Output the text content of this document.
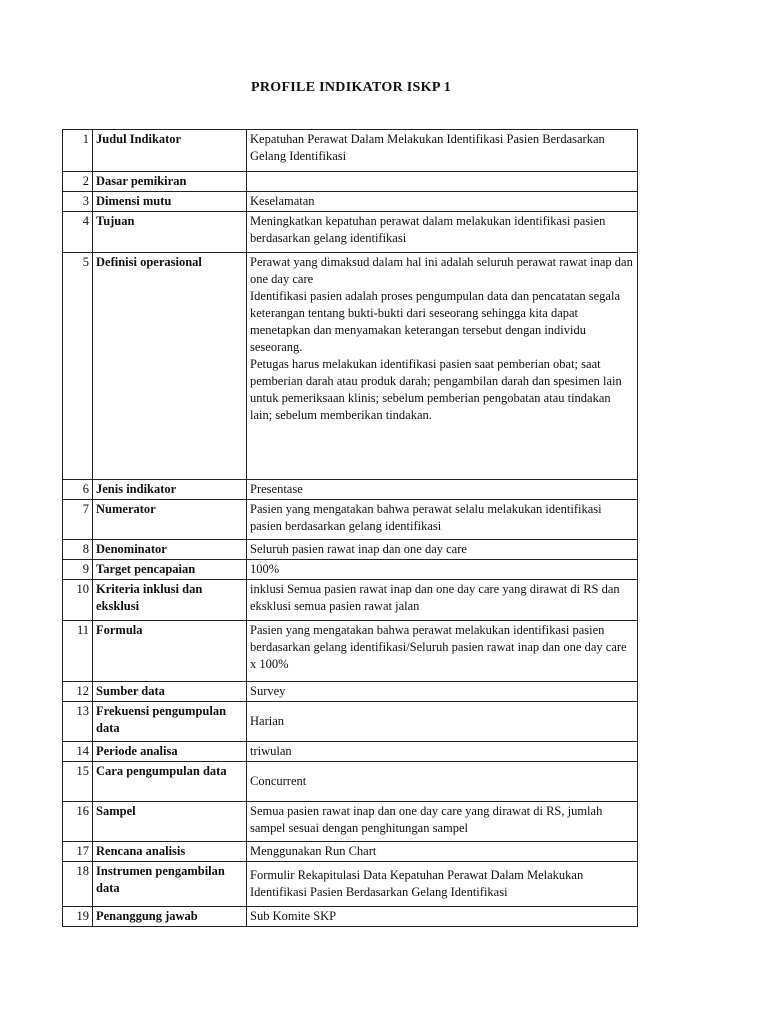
PROFILE INDIKATOR ISKP 1
1	Judul Indikator	Kepatuhan Perawat Dalam Melakukan Identifikasi Pasien Berdasarkan Gelang Identifikasi
2	Dasar pemikiran	
3	Dimensi mutu	Keselamatan
4	Tujuan	Meningkatkan kepatuhan perawat dalam melakukan identifikasi pasien berdasarkan gelang identifikasi
5	Definisi operasional	Perawat yang dimaksud dalam hal ini adalah seluruh perawat rawat inap dan one day care
Identifikasi pasien adalah proses pengumpulan data dan pencatatan segala keterangan tentang bukti-bukti dari seseorang sehingga kita dapat menetapkan dan menyamakan keterangan tersebut dengan individu seseorang.
Petugas harus melakukan identifikasi pasien saat pemberian obat; saat pemberian darah atau produk darah; pengambilan darah dan spesimen lain untuk pemeriksaan klinis; sebelum pemberian pengobatan atau tindakan lain; sebelum memberikan tindakan.
6	Jenis indikator	Presentase
7	Numerator	Pasien yang mengatakan bahwa perawat selalu melakukan identifikasi pasien berdasarkan gelang identifikasi
8	Denominator	Seluruh pasien rawat inap dan one day care
9	Target pencapaian	100%
10	Kriteria inklusi dan eksklusi	inklusi Semua pasien rawat inap dan one day care yang dirawat di RS dan eksklusi semua pasien rawat jalan
11	Formula	Pasien yang mengatakan bahwa perawat melakukan identifikasi pasien berdasarkan gelang identifikasi/Seluruh pasien rawat inap dan one day care x 100%
12	Sumber data	Survey
13	Frekuensi pengumpulan data	Harian
14	Periode analisa	triwulan
15	Cara pengumpulan data	Concurrent
16	Sampel	Semua pasien rawat inap dan one day care yang dirawat di RS, jumlah sampel sesuai dengan penghitungan sampel
17	Rencana analisis	Menggunakan Run Chart
18	Instrumen pengambilan data	Formulir Rekapitulasi Data Kepatuhan Perawat Dalam Melakukan Identifikasi Pasien Berdasarkan Gelang Identifikasi
19	Penanggung jawab	Sub Komite SKP
